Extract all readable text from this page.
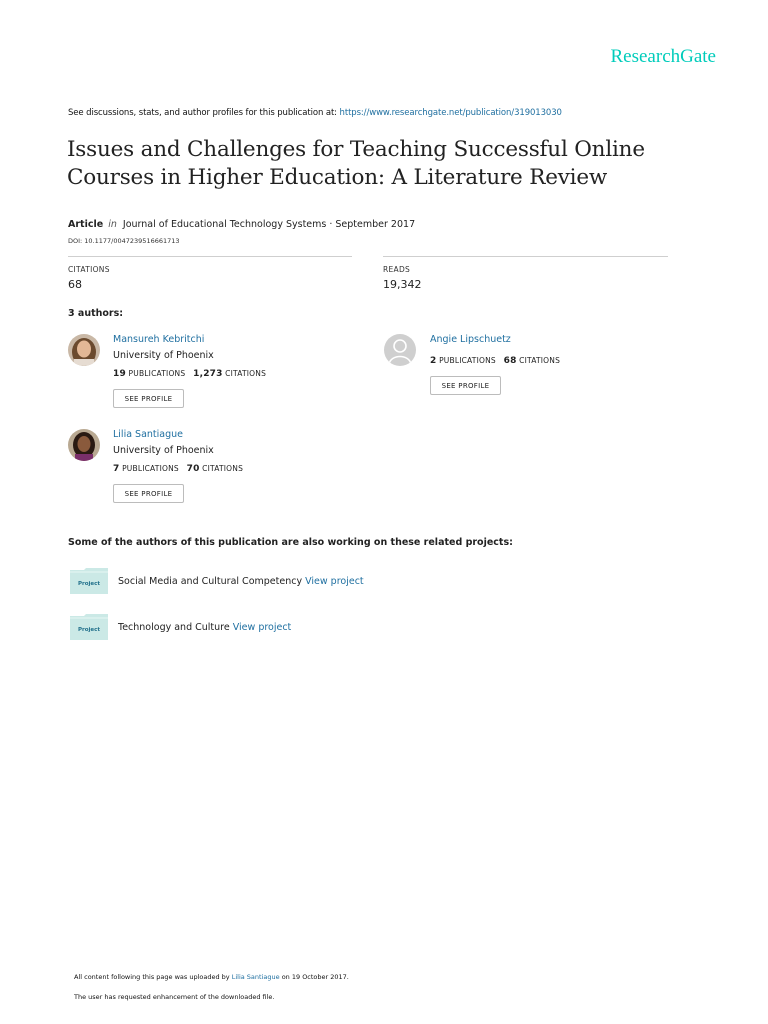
ResearchGate
See discussions, stats, and author profiles for this publication at: https://www.researchgate.net/publication/319013030
Issues and Challenges for Teaching Successful Online Courses in Higher Education: A Literature Review
Article in Journal of Educational Technology Systems · September 2017
DOI: 10.1177/0047239516661713
CITATIONS
68
READS
19,342
3 authors:
Mansureh Kebritchi
University of Phoenix
19 PUBLICATIONS 1,273 CITATIONS
SEE PROFILE
Angie Lipschuetz
2 PUBLICATIONS 68 CITATIONS
SEE PROFILE
Lilia Santiague
University of Phoenix
7 PUBLICATIONS 70 CITATIONS
SEE PROFILE
Some of the authors of this publication are also working on these related projects:
Project Social Media and Cultural Competency View project
Project Technology and Culture View project
All content following this page was uploaded by Lilia Santiague on 19 October 2017.
The user has requested enhancement of the downloaded file.
